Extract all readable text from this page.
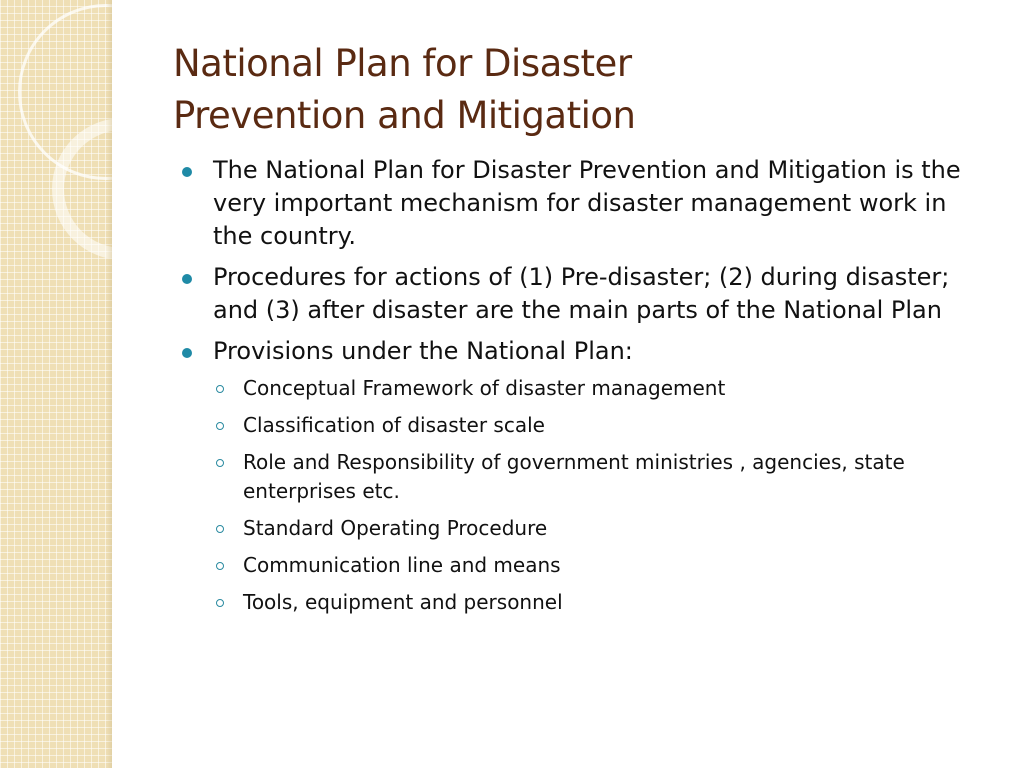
National Plan for Disaster
Prevention and Mitigation
The National Plan for Disaster Prevention and Mitigation is the very important mechanism for disaster management work in the country.
Procedures for actions of (1) Pre-disaster; (2) during disaster; and (3) after disaster are the main parts of the National Plan
Provisions under the National Plan:
Conceptual Framework of disaster management
Classification of disaster scale
Role and Responsibility of government ministries , agencies, state enterprises etc.
Standard Operating Procedure
Communication line and means
Tools, equipment and personnel
